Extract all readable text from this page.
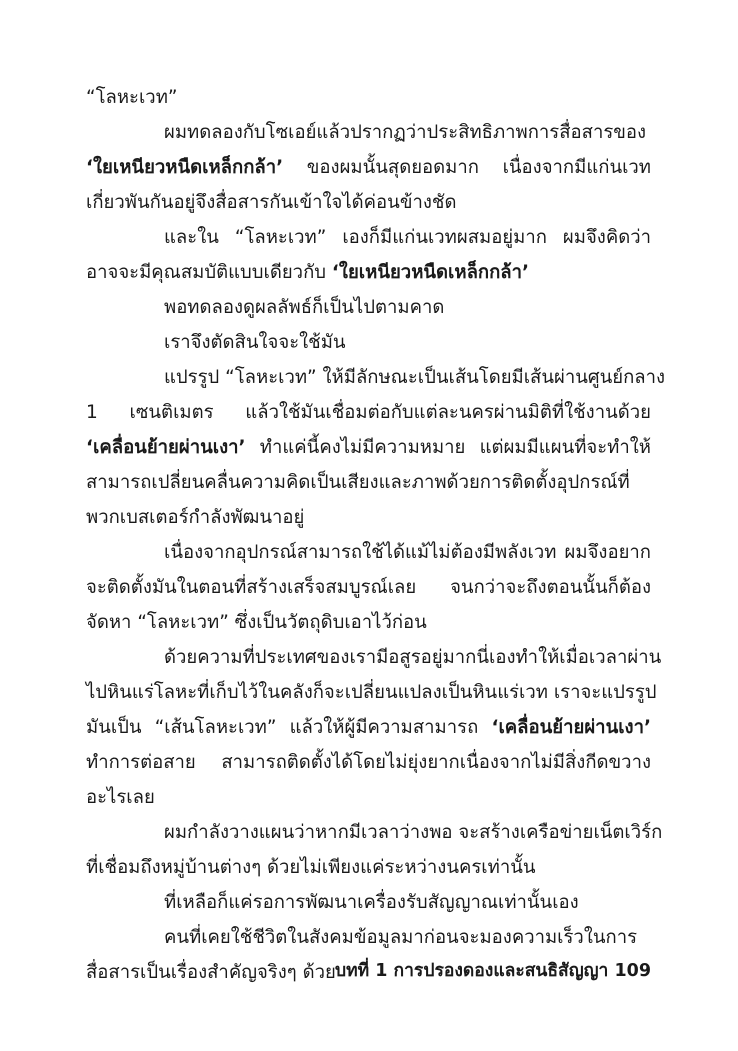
“โลหะเวท”
ผมทดลองกับโซเอย์แล้วปรากฏว่าประสิทธิภาพการสื่อสารของ
‘ใยเหนียวหนืดเหล็กกล้า’ ของผมนั้นสุดยอดมาก เนื่องจากมีแก่นเวท
เกี่ยวพันกันอยู่จึงสื่อสารกันเข้าใจได้ค่อนข้างชัด
และใน “โลหะเวท” เองก็มีแก่นเวทผสมอยู่มาก ผมจึงคิดว่า
อาจจะมีคุณสมบัติแบบเดียวกับ ‘ใยเหนียวหนืดเหล็กกล้า’
พอทดลองดูผลลัพธ์ก็เป็นไปตามคาด
เราจึงตัดสินใจจะใช้มัน
แปรรูป “โลหะเวท” ให้มีลักษณะเป็นเส้นโดยมีเส้นผ่านศูนย์กลาง
1 เซนติเมตร แล้วใช้มันเชื่อมต่อกับแต่ละนครผ่านมิติที่ใช้งานด้วย
‘เคลื่อนย้ายผ่านเงา’ ทำแค่นี้คงไม่มีความหมาย แต่ผมมีแผนที่จะทำให้
สามารถเปลี่ยนคลื่นความคิดเป็นเสียงและภาพด้วยการติดตั้งอุปกรณ์ที่
พวกเบสเตอร์กำลังพัฒนาอยู่
เนื่องจากอุปกรณ์สามารถใช้ได้แม้ไม่ต้องมีพลังเวท ผมจึงอยาก
จะติดตั้งมันในตอนที่สร้างเสร็จสมบูรณ์เลย จนกว่าจะถึงตอนนั้นก็ต้อง
จัดหา “โลหะเวท” ซึ่งเป็นวัตถุดิบเอาไว้ก่อน
ด้วยความที่ประเทศของเรามีอสูรอยู่มากนี่เองทำให้เมื่อเวลาผ่าน
ไปหินแร่โลหะที่เก็บไว้ในคลังก็จะเปลี่ยนแปลงเป็นหินแร่เวท เราจะแปรรูป
มันเป็น “เส้นโลหะเวท” แล้วให้ผู้มีความสามารถ ‘เคลื่อนย้ายผ่านเงา’
ทำการต่อสาย สามารถติดตั้งได้โดยไม่ยุ่งยากเนื่องจากไม่มีสิ่งกีดขวาง
อะไรเลย
ผมกำลังวางแผนว่าหากมีเวลาว่างพอ จะสร้างเครือข่ายเน็ตเวิร์ก
ที่เชื่อมถึงหมู่บ้านต่างๆ ด้วยไม่เพียงแค่ระหว่างนครเท่านั้น
ที่เหลือก็แค่รอการพัฒนาเครื่องรับสัญญาณเท่านั้นเอง
คนที่เคยใช้ชีวิตในสังคมข้อมูลมาก่อนจะมองความเร็วในการ
สื่อสารเป็นเรื่องสำคัญจริงๆ ด้วย บทที่ 1 การปรองดองและสนธิสัญญา 109
